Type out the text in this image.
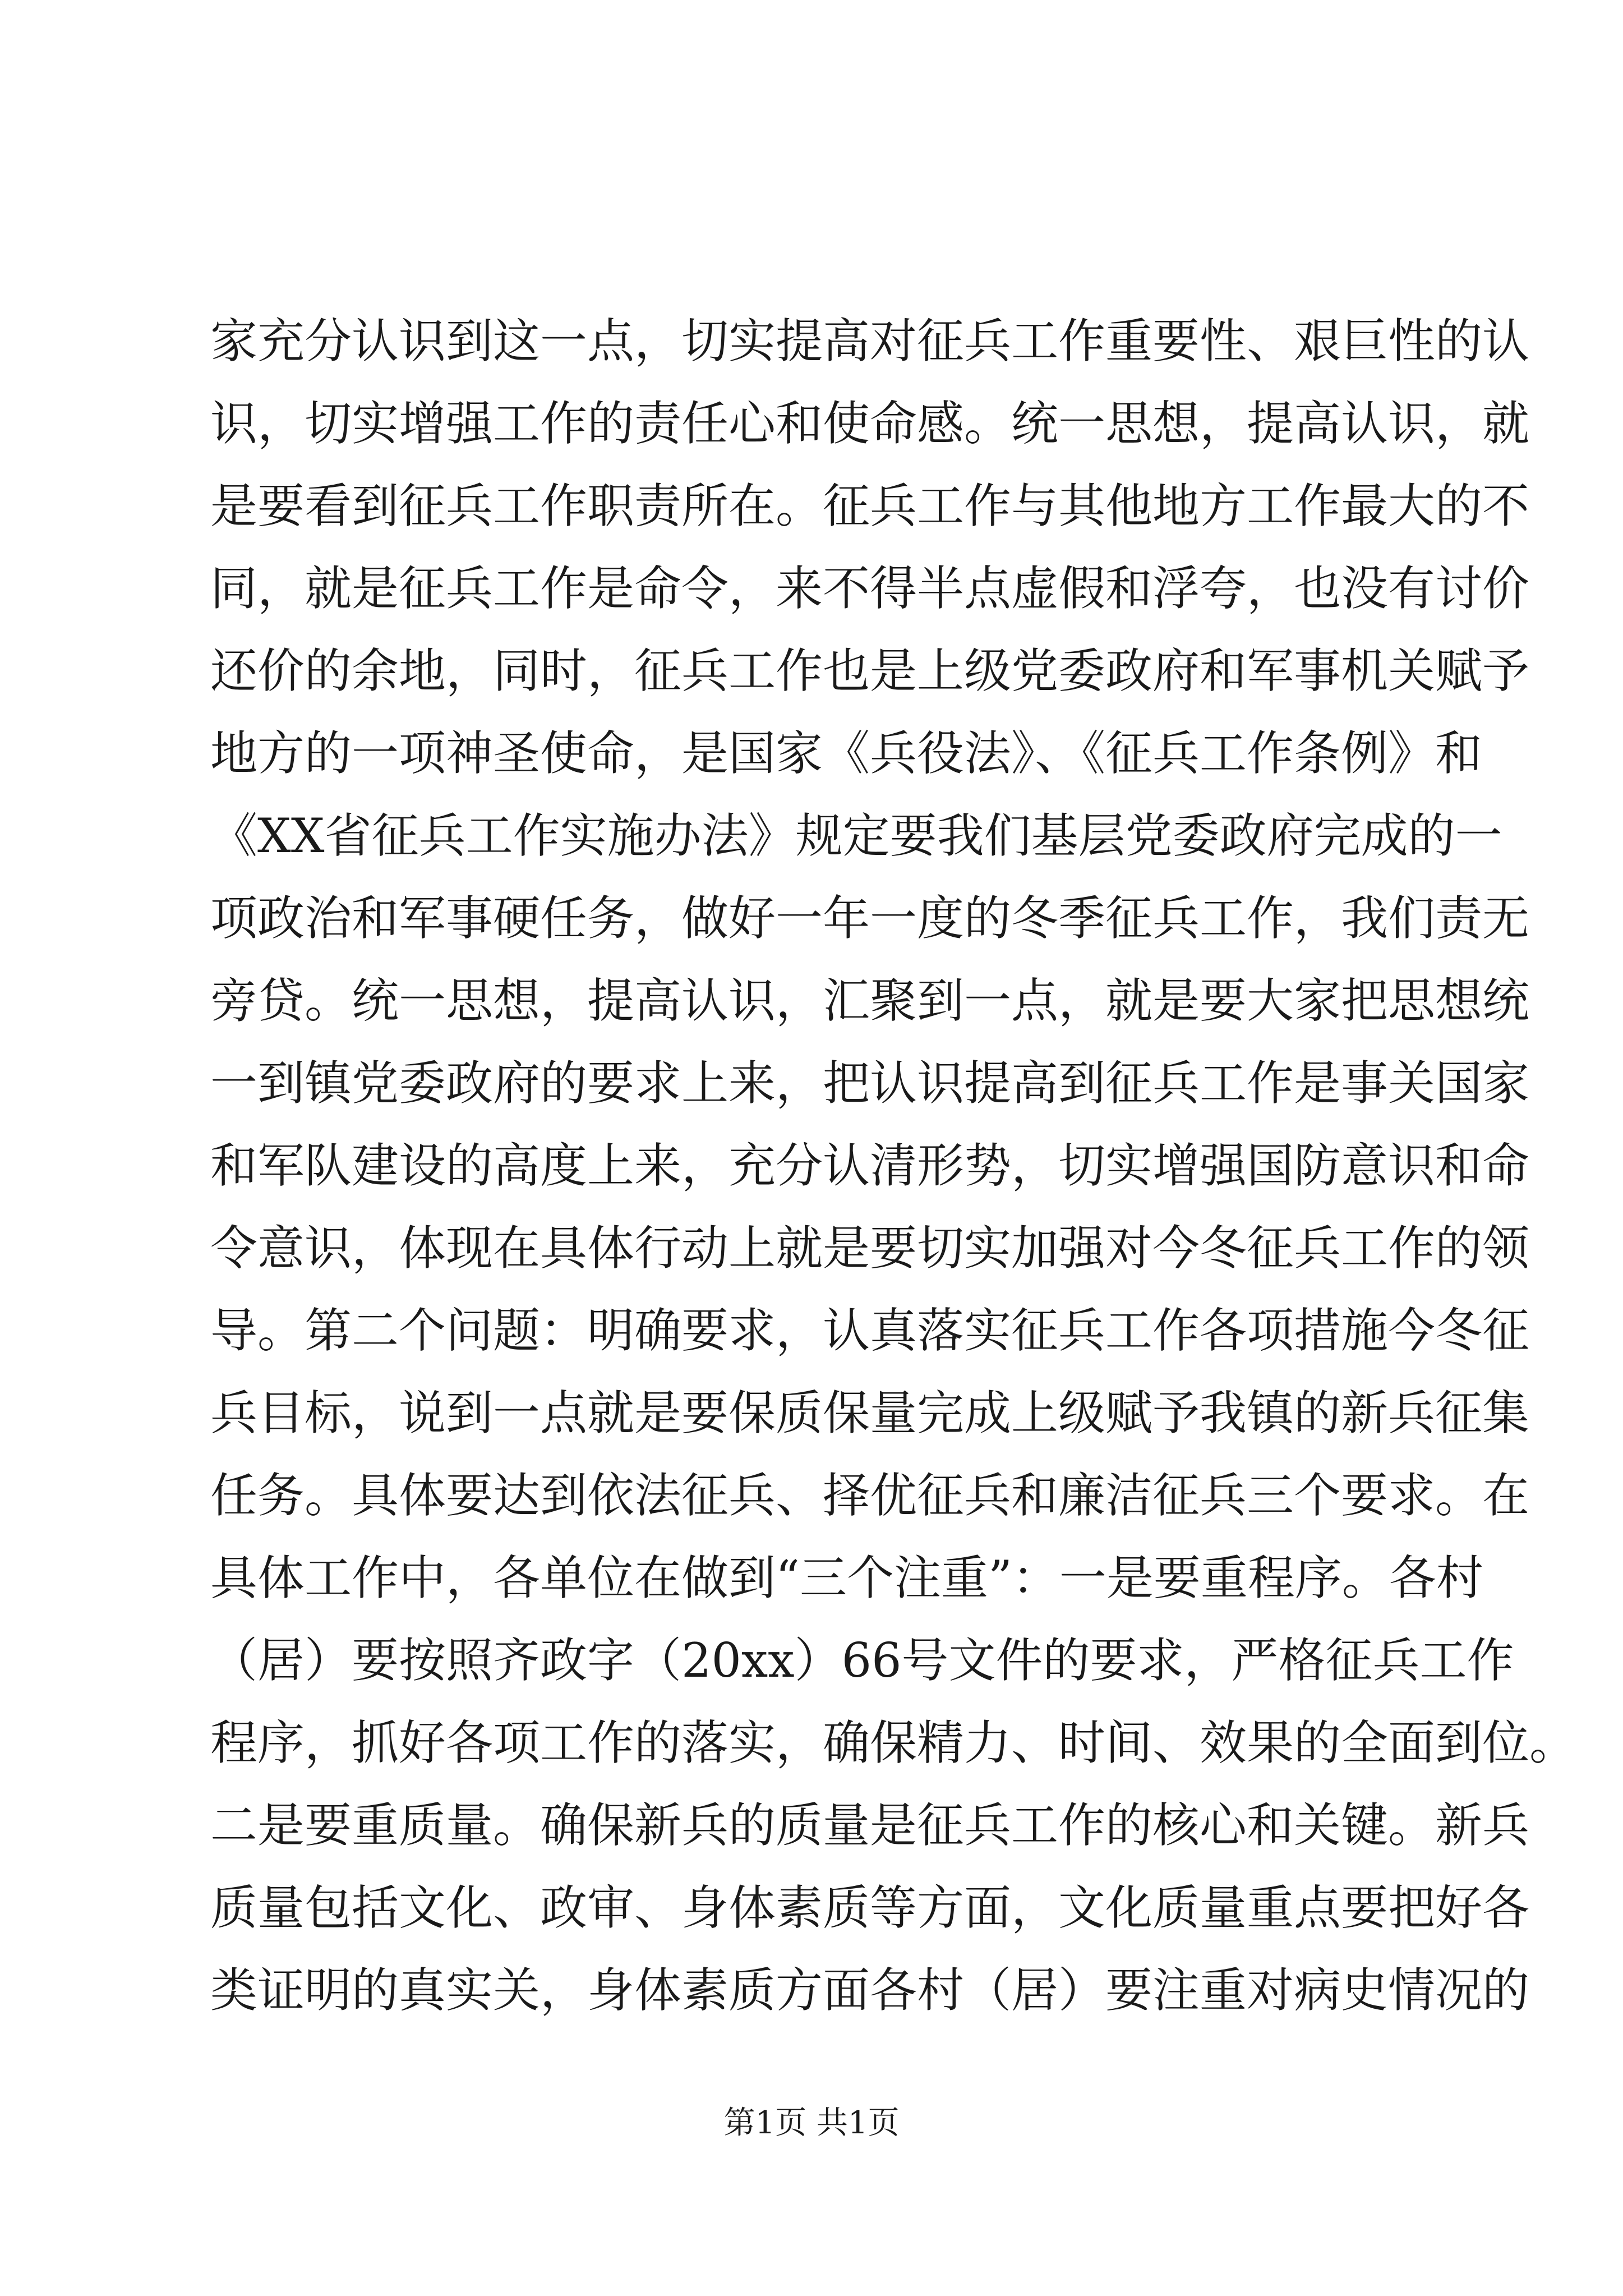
家充分认识到这一点，切实提高对征兵工作重要性、艰巨性的认
识，切实增强工作的责任心和使命感。统一思想，提高认识，就
是要看到征兵工作职责所在。征兵工作与其他地方工作最大的不
同，就是征兵工作是命令，来不得半点虚假和浮夸，也没有讨价
还价的余地，同时，征兵工作也是上级党委政府和军事机关赋予
地方的一项神圣使命，是国家《兵役法》、《征兵工作条例》和
《XX省征兵工作实施办法》规定要我们基层党委政府完成的一
项政治和军事硬任务，做好一年一度的冬季征兵工作，我们责无
旁贷。统一思想，提高认识，汇聚到一点，就是要大家把思想统
一到镇党委政府的要求上来，把认识提高到征兵工作是事关国家
和军队建设的高度上来，充分认清形势，切实增强国防意识和命
令意识，体现在具体行动上就是要切实加强对今冬征兵工作的领
导。第二个问题：明确要求，认真落实征兵工作各项措施今冬征
兵目标，说到一点就是要保质保量完成上级赋予我镇的新兵征集
任务。具体要达到依法征兵、择优征兵和廉洁征兵三个要求。在
具体工作中，各单位在做到“三个注重”：一是要重程序。各村
（居）要按照齐政字（20xx）66号文件的要求，严格征兵工作
程序，抓好各项工作的落实，确保精力、时间、效果的全面到位。
二是要重质量。确保新兵的质量是征兵工作的核心和关键。新兵
质量包括文化、政审、身体素质等方面，文化质量重点要把好各
类证明的真实关，身体素质方面各村（居）要注重对病史情况的
第1页 共1页
